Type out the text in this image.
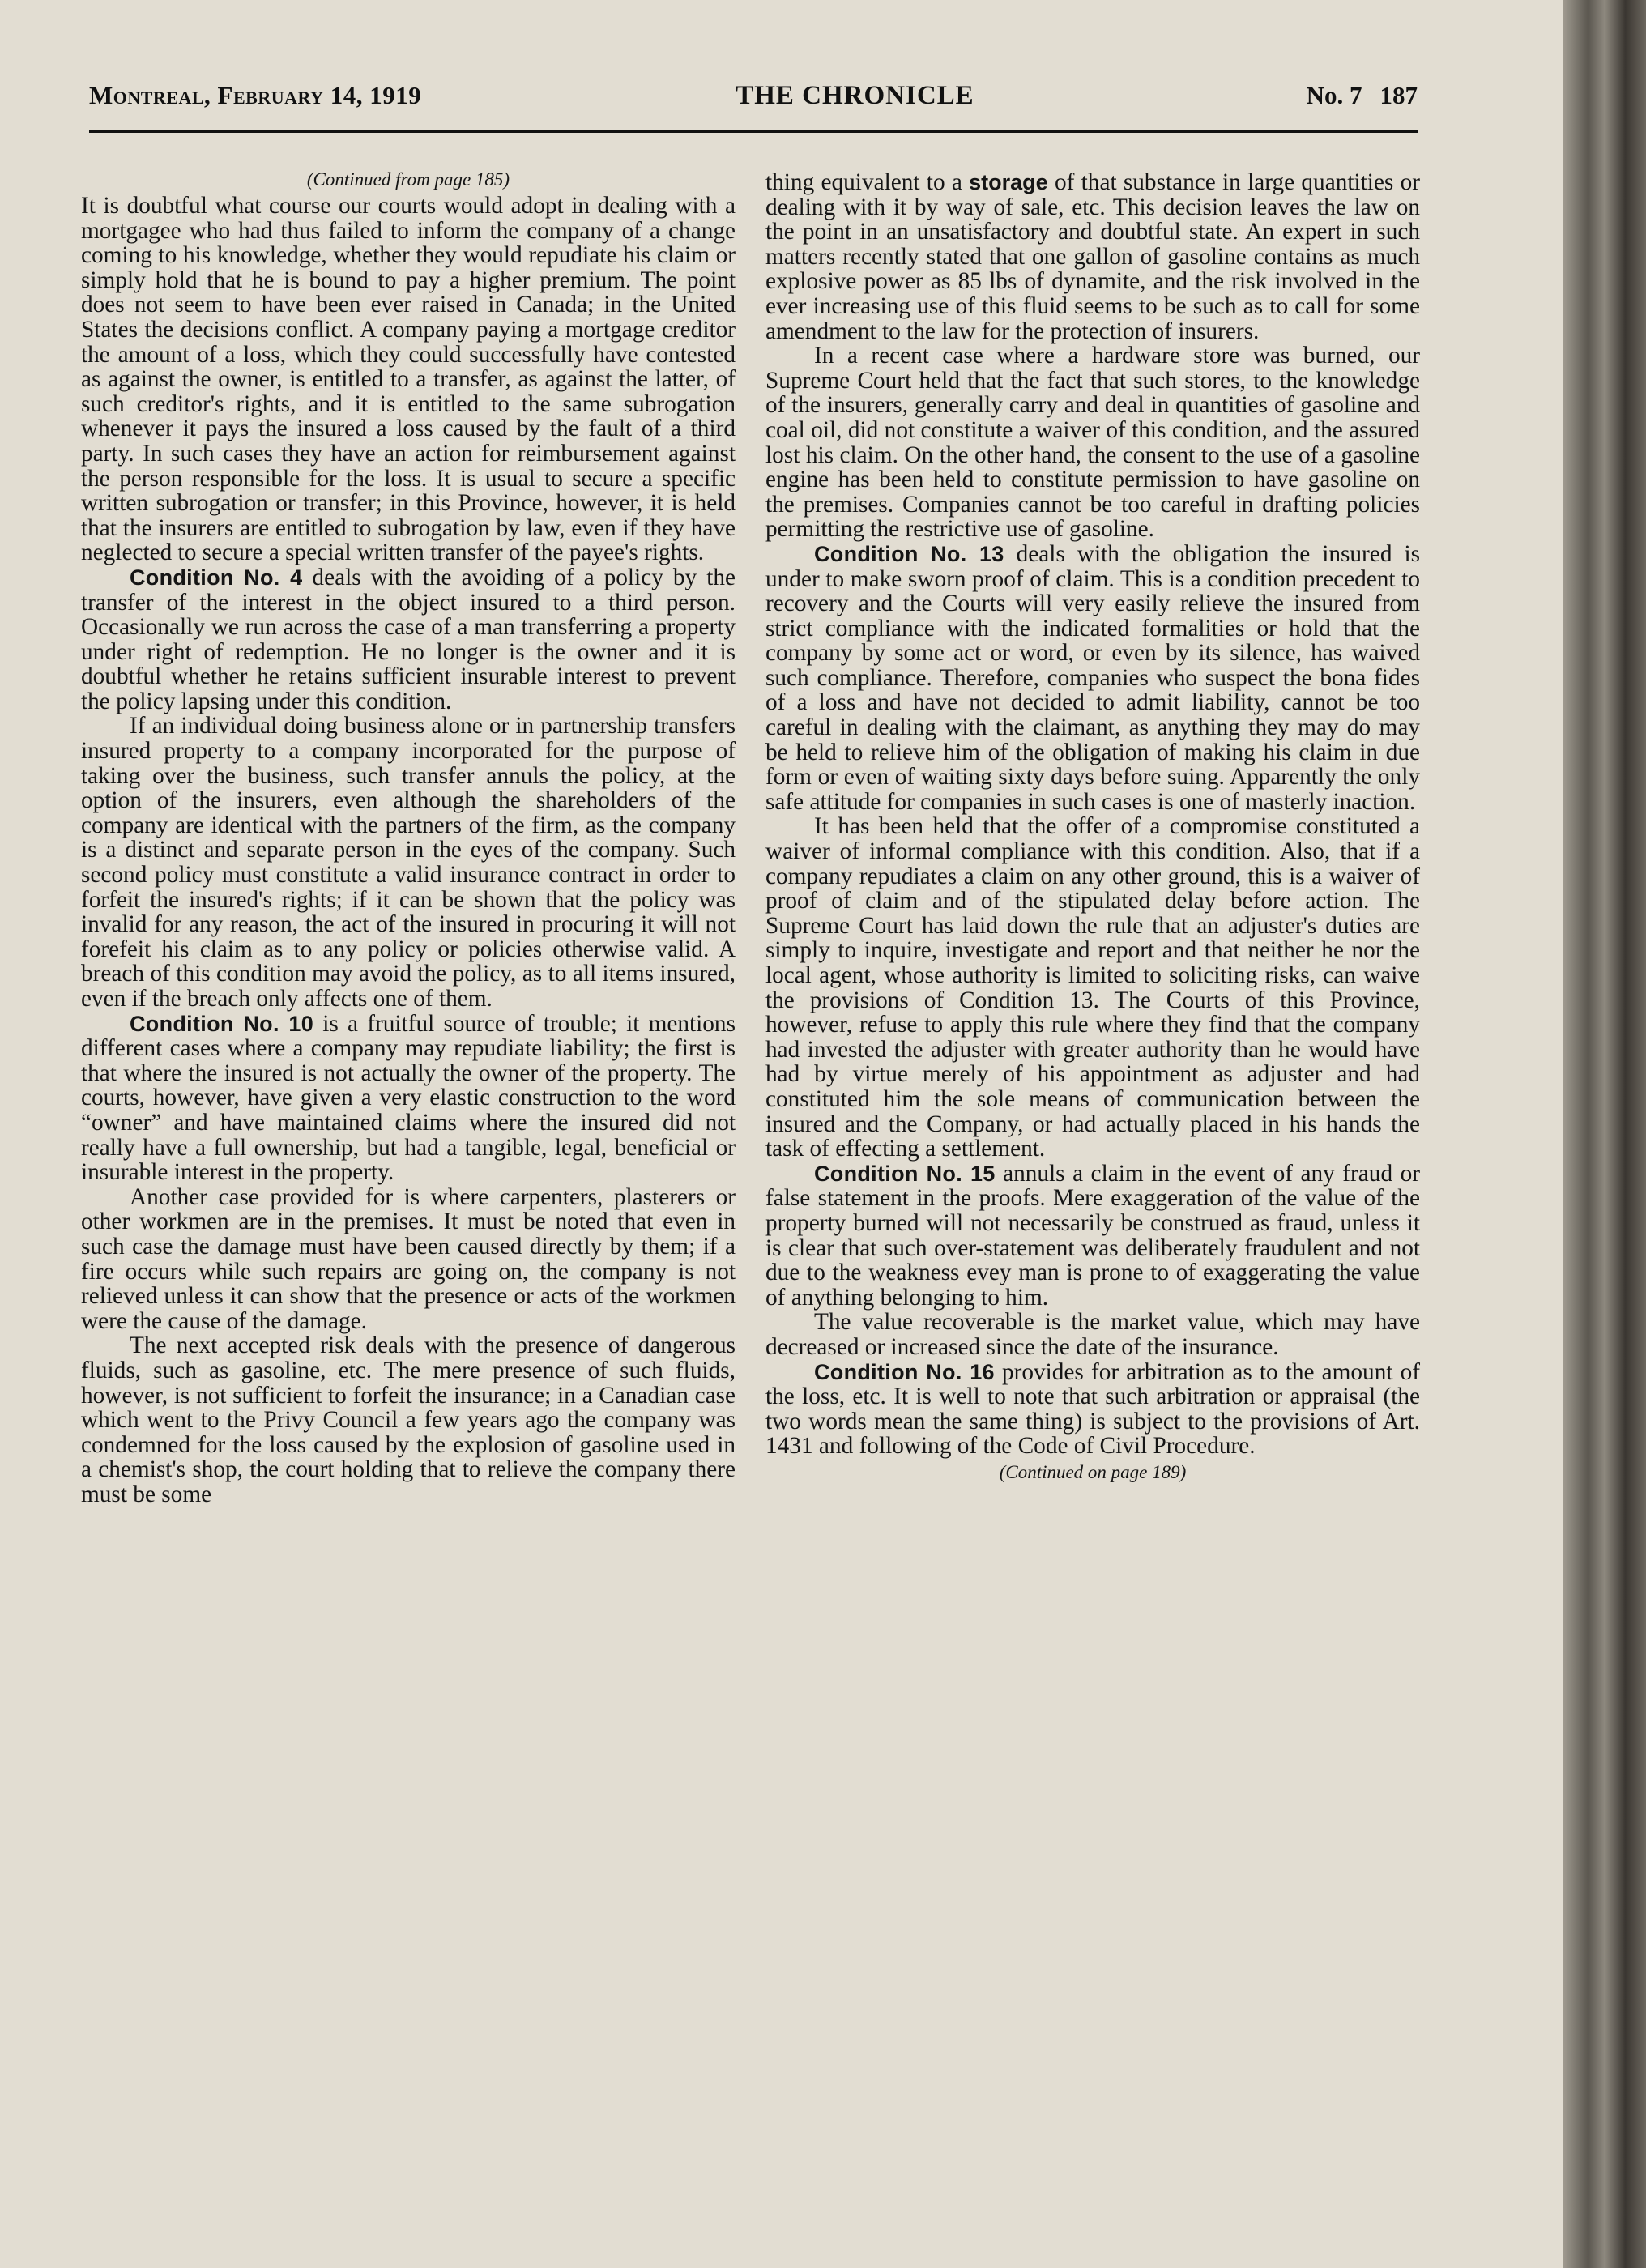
Montreal, February 14, 1919	THE CHRONICLE	No. 7 187
(Continued from page 185)

It is doubtful what course our courts would adopt in dealing with a mortgagee who had thus failed to inform the company of a change coming to his knowledge, whether they would repudiate his claim or simply hold that he is bound to pay a higher premium. The point does not seem to have been ever raised in Canada; in the United States the decisions conflict. A company paying a mortgage creditor the amount of a loss, which they could successfully have contested as against the owner, is entitled to a transfer, as against the latter, of such creditor's rights, and it is entitled to the same subrogation whenever it pays the insured a loss caused by the fault of a third party. In such cases they have an action for reimbursement against the person responsible for the loss. It is usual to secure a specific written subrogation or transfer; in this Province, however, it is held that the insurers are entitled to subrogation by law, even if they have neglected to secure a special written transfer of the payee's rights.

Condition No. 4 deals with the avoiding of a policy by the transfer of the interest in the object insured to a third person. Occasionally we run across the case of a man transferring a property under right of redemption. He no longer is the owner and it is doubtful whether he retains sufficient insurable interest to prevent the policy lapsing under this condition.

If an individual doing business alone or in partnership transfers insured property to a company incorporated for the purpose of taking over the business, such transfer annuls the policy, at the option of the insurers, even although the shareholders of the company are identical with the partners of the firm, as the company is a distinct and separate person in the eyes of the company. Such second policy must constitute a valid insurance contract in order to forfeit the insured's rights; if it can be shown that the policy was invalid for any reason, the act of the insured in procuring it will not forefeit his claim as to any policy or policies otherwise valid. A breach of this condition may avoid the policy, as to all items insured, even if the breach only affects one of them.

Condition No. 10 is a fruitful source of trouble; it mentions different cases where a company may repudiate liability; the first is that where the insured is not actually the owner of the property. The courts, however, have given a very elastic construction to the word “owner” and have maintained claims where the insured did not really have a full ownership, but had a tangible, legal, beneficial or insurable interest in the property.

Another case provided for is where carpenters, plasterers or other workmen are in the premises. It must be noted that even in such case the damage must have been caused directly by them; if a fire occurs while such repairs are going on, the company is not relieved unless it can show that the presence or acts of the workmen were the cause of the damage.

The next accepted risk deals with the presence of dangerous fluids, such as gasoline, etc. The mere presence of such fluids, however, is not sufficient to forfeit the insurance; in a Canadian case which went to the Privy Council a few years ago the company was condemned for the loss caused by the explosion of gasoline used in a chemist's shop, the court holding that to relieve the company there must be some

thing equivalent to a storage of that substance in large quantities or dealing with it by way of sale, etc. This decision leaves the law on the point in an unsatisfactory and doubtful state. An expert in such matters recently stated that one gallon of gasoline contains as much explosive power as 85 lbs of dynamite, and the risk involved in the ever increasing use of this fluid seems to be such as to call for some amendment to the law for the protection of insurers.

In a recent case where a hardware store was burned, our Supreme Court held that the fact that such stores, to the knowledge of the insurers, generally carry and deal in quantities of gasoline and coal oil, did not constitute a waiver of this condition, and the assured lost his claim. On the other hand, the consent to the use of a gasoline engine has been held to constitute permission to have gasoline on the premises. Companies cannot be too careful in drafting policies permitting the restrictive use of gasoline.

Condition No. 13 deals with the obligation the insured is under to make sworn proof of claim. This is a condition precedent to recovery and the Courts will very easily relieve the insured from strict compliance with the indicated formalities or hold that the company by some act or word, or even by its silence, has waived such compliance. Therefore, companies who suspect the bona fides of a loss and have not decided to admit liability, cannot be too careful in dealing with the claimant, as anything they may do may be held to relieve him of the obligation of making his claim in due form or even of waiting sixty days before suing. Apparently the only safe attitude for companies in such cases is one of masterly inaction.

It has been held that the offer of a compromise constituted a waiver of informal compliance with this condition. Also, that if a company repudiates a claim on any other ground, this is a waiver of proof of claim and of the stipulated delay before action. The Supreme Court has laid down the rule that an adjuster's duties are simply to inquire, investigate and report and that neither he nor the local agent, whose authority is limited to soliciting risks, can waive the provisions of Condition 13. The Courts of this Province, however, refuse to apply this rule where they find that the company had invested the adjuster with greater authority than he would have had by virtue merely of his appointment as adjuster and had constituted him the sole means of communication between the insured and the Company, or had actually placed in his hands the task of effecting a settlement.

Condition No. 15 annuls a claim in the event of any fraud or false statement in the proofs. Mere exaggeration of the value of the property burned will not necessarily be construed as fraud, unless it is clear that such over-statement was deliberately fraudulent and not due to the weakness evey man is prone to of exaggerating the value of anything belonging to him.

The value recoverable is the market value, which may have decreased or increased since the date of the insurance.

Condition No. 16 provides for arbitration as to the amount of the loss, etc. It is well to note that such arbitration or appraisal (the two words mean the same thing) is subject to the provisions of Art. 1431 and following of the Code of Civil Procedure.

(Continued on page 189)
